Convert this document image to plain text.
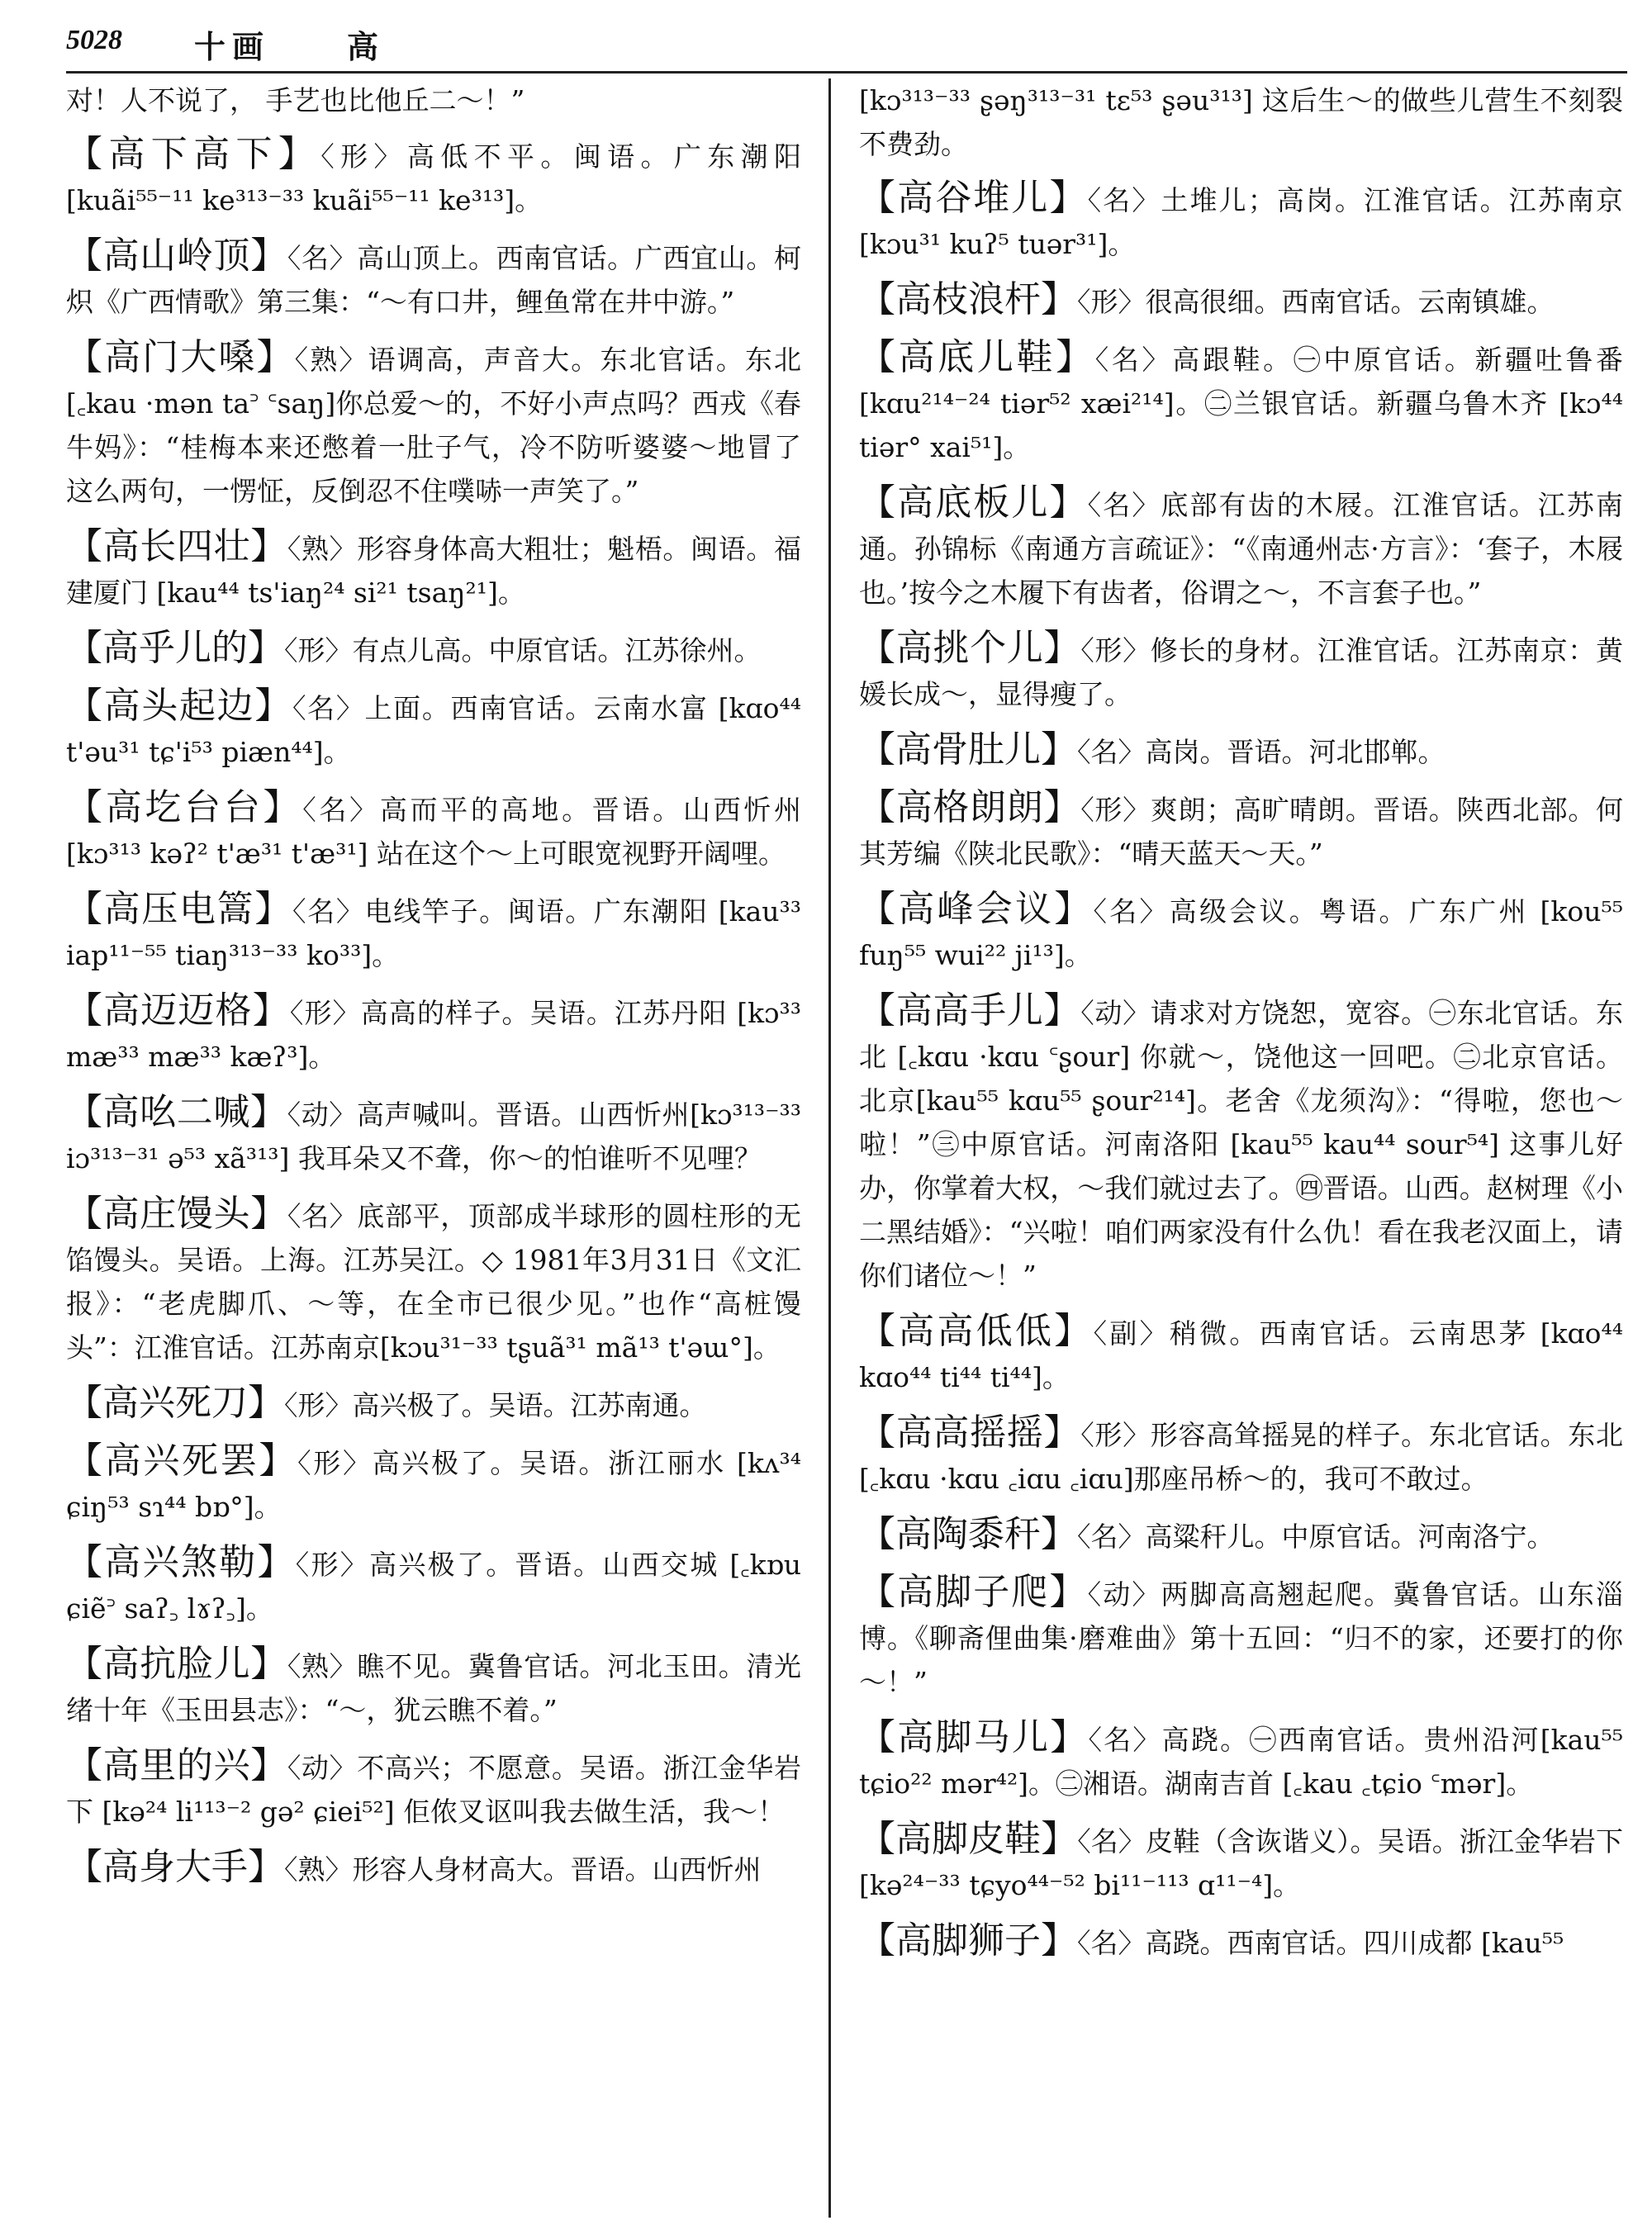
5028 十画 高
对！人不说了， 手艺也比他丘二～！”
【高下高下】〈形〉高低不平。闽语。广东潮阳 [kuãi⁵⁵⁻¹¹ ke³¹³⁻³³ kuãi⁵⁵⁻¹¹ ke³¹³]。
【高山岭顶】〈名〉高山顶上。西南官话。广西宜山。柯炽《广西情歌》第三集：“～有口井，鲤鱼常在井中游。”
【高门大嗓】〈熟〉语调高，声音大。东北官话。东北 [꜀kau ·mən ta꜄ ꜂saŋ]你总爱～的，不好小声点吗？西戎《春牛妈》：“桂梅本来还憋着一肚子气，冷不防听婆婆～地冒了这么两句，一愣怔，反倒忍不住噗哧一声笑了。”
【高长四壮】〈熟〉形容身体高大粗壮；魁梧。闽语。福建厦门 [kau⁴⁴ ts'iaŋ²⁴ si²¹ tsaŋ²¹]。
【高乎儿的】〈形〉有点儿高。中原官话。江苏徐州。
【高头起边】〈名〉上面。西南官话。云南水富 [kɑo⁴⁴ t'əu³¹ tɕ'i⁵³ piæn⁴⁴]。
【高圪台台】〈名〉高而平的高地。晋语。山西忻州 [kɔ³¹³ kəʔ² t'æ³¹ t'æ³¹] 站在这个～上可眼宽视野开阔哩。
【高压电篙】〈名〉电线竿子。闽语。广东潮阳 [kau³³ iap¹¹⁻⁵⁵ tiaŋ³¹³⁻³³ ko³³]。
【高迈迈格】〈形〉高高的样子。吴语。江苏丹阳 [kɔ³³ mæ³³ mæ³³ kæʔ³]。
【高吆二喊】〈动〉高声喊叫。晋语。山西忻州[kɔ³¹³⁻³³ iɔ³¹³⁻³¹ ə⁵³ xã³¹³] 我耳朵又不聋，你～的怕谁听不见哩？
【高庄馒头】〈名〉底部平，顶部成半球形的圆柱形的无馅馒头。吴语。上海。江苏吴江。◇ 1981年3月31日《文汇报》：“老虎脚爪、～等，在全市已很少见。”也作“高桩馒头”：江淮官话。江苏南京[kɔu³¹⁻³³ tʂuã³¹ mã¹³ t'əɯ°]。
【高兴死刀】〈形〉高兴极了。吴语。江苏南通。
【高兴死罢】〈形〉高兴极了。吴语。浙江丽水 [kʌ³⁴ ɕiŋ⁵³ sɿ⁴⁴ bɒ°]。
【高兴煞勒】〈形〉高兴极了。晋语。山西交城 [꜀kɒu ɕiẽ꜄ saʔ꜆ lɤʔ꜆]。
【高抗脸儿】〈熟〉瞧不见。冀鲁官话。河北玉田。清光绪十年《玉田县志》：“～，犹云瞧不着。”
【高里的兴】〈动〉不高兴；不愿意。吴语。浙江金华岩下 [kə²⁴ li¹¹³⁻² gə² ɕiei⁵²] 佢侬叉讴叫我去做生活，我～！
【高身大手】〈熟〉形容人身材高大。晋语。山西忻州
[kɔ³¹³⁻³³ ʂəŋ³¹³⁻³¹ tɛ⁵³ ʂəu³¹³] 这后生～的做些儿营生不刻裂不费劲。
【高谷堆儿】〈名〉土堆儿；高岗。江淮官话。江苏南京 [kɔu³¹ kuʔ⁵ tuər³¹]。
【高枝浪杆】〈形〉很高很细。西南官话。云南镇雄。
【高底儿鞋】〈名〉高跟鞋。㊀中原官话。新疆吐鲁番 [kɑu²¹⁴⁻²⁴ tiər⁵² xæi²¹⁴]。㊁兰银官话。新疆乌鲁木齐 [kɔ⁴⁴ tiər° xai⁵¹]。
【高底板儿】〈名〉底部有齿的木屐。江淮官话。江苏南通。孙锦标《南通方言疏证》：“《南通州志·方言》：‘套子，木屐也。’按今之木履下有齿者，俗谓之～，不言套子也。”
【高挑个儿】〈形〉修长的身材。江淮官话。江苏南京：黄媛长成～，显得瘦了。
【高骨肚儿】〈名〉高岗。晋语。河北邯郸。
【高格朗朗】〈形〉爽朗；高旷晴朗。晋语。陕西北部。何其芳编《陕北民歌》：“晴天蓝天～天。”
【高峰会议】〈名〉高级会议。粤语。广东广州 [kou⁵⁵ fuŋ⁵⁵ wui²² ji¹³]。
【高高手儿】〈动〉请求对方饶恕，宽容。㊀东北官话。东北 [꜀kɑu ·kɑu ꜂ʂour] 你就～，饶他这一回吧。㊁北京官话。北京[kau⁵⁵ kɑu⁵⁵ ʂour²¹⁴]。老舍《龙须沟》：“得啦，您也～啦！”㊂中原官话。河南洛阳 [kau⁵⁵ kau⁴⁴ sour⁵⁴] 这事儿好办，你掌着大权，～我们就过去了。㊃晋语。山西。赵树理《小二黑结婚》：“兴啦！咱们两家没有什么仇！看在我老汉面上，请你们诸位～！”
【高高低低】〈副〉稍微。西南官话。云南思茅 [kɑo⁴⁴ kɑo⁴⁴ ti⁴⁴ ti⁴⁴]。
【高高摇摇】〈形〉形容高耸摇晃的样子。东北官话。东北 [꜀kɑu ·kɑu ꜀iɑu ꜀iɑu]那座吊桥～的，我可不敢过。
【高陶黍秆】〈名〉高粱秆儿。中原官话。河南洛宁。
【高脚子爬】〈动〉两脚高高翘起爬。冀鲁官话。山东淄博。《聊斋俚曲集·磨难曲》第十五回：“归不的家，还要打的你～！”
【高脚马儿】〈名〉高跷。㊀西南官话。贵州沿河[kau⁵⁵ tɕio²² mər⁴²]。㊁湘语。湖南吉首 [꜀kau ꜀tɕio ꜂mər]。
【高脚皮鞋】〈名〉皮鞋（含诙谐义）。吴语。浙江金华岩下 [kə²⁴⁻³³ tɕyo⁴⁴⁻⁵² bi¹¹⁻¹¹³ ɑ¹¹⁻⁴]。
【高脚狮子】〈名〉高跷。西南官话。四川成都 [kau⁵⁵
